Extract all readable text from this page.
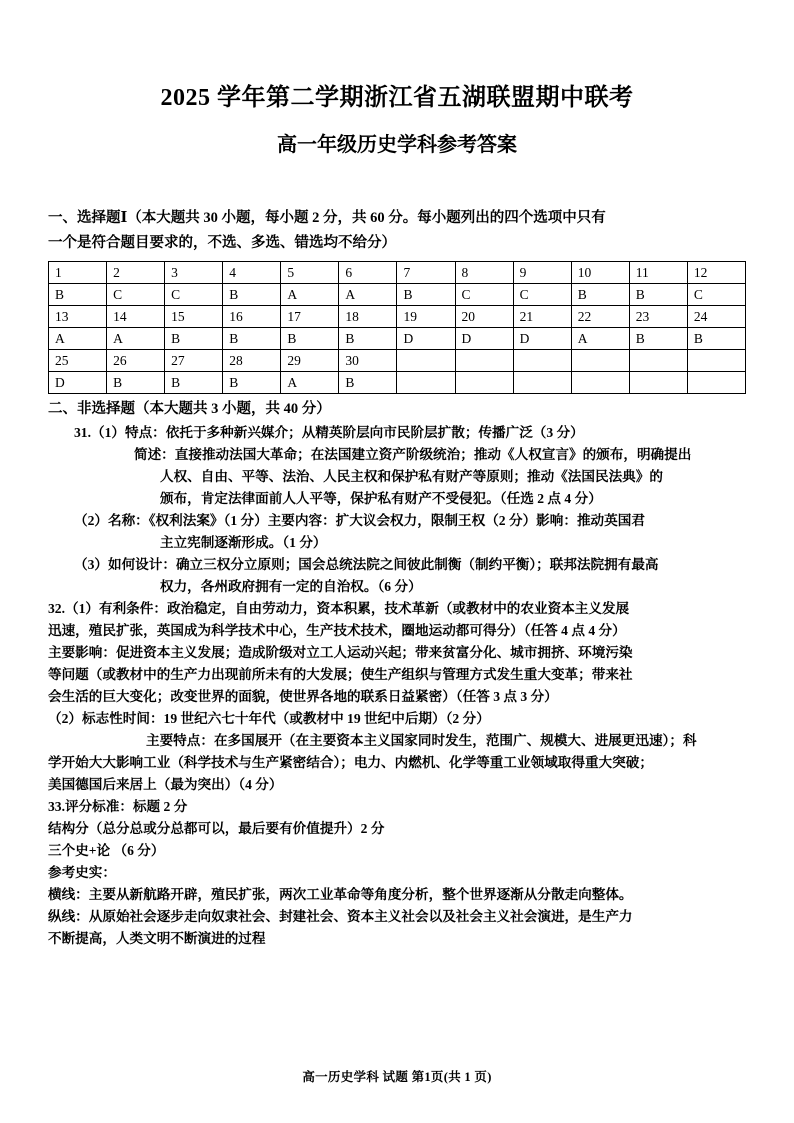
2025 学年第二学期浙江省五湖联盟期中联考
高一年级历史学科参考答案
一、选择题Ⅰ（本大题共 30 小题，每小题 2 分，共 60 分。每小题列出的四个选项中只有
一个是符合题目要求的，不选、多选、错选均不给分）
1	2	3	4	5	6	7	8	9	10	11	12
B	C	C	B	A	A	B	C	C	B	B	C
13	14	15	16	17	18	19	20	21	22	23	24
A	A	B	B	B	B	D	D	D	A	B	B
25	26	27	28	29	30						
D	B	B	B	A	B						
二、非选择题（本大题共 3 小题，共 40 分）
31.（1）特点：依托于多种新兴媒介；从精英阶层向市民阶层扩散；传播广泛（3 分）
简述：直接推动法国大革命；在法国建立资产阶级统治；推动《人权宣言》的颁布，明确提出
人权、自由、平等、法治、人民主权和保护私有财产等原则；推动《法国民法典》的
颁布，肯定法律面前人人平等，保护私有财产不受侵犯。（任选 2 点 4 分）
（2）名称：《权利法案》（1 分）主要内容：扩大议会权力，限制王权（2 分）影响：推动英国君
主立宪制逐渐形成。（1 分）
（3）如何设计：确立三权分立原则；国会总统法院之间彼此制衡（制约平衡）；联邦法院拥有最高
权力，各州政府拥有一定的自治权。（6 分）
32.（1）有利条件：政治稳定，自由劳动力，资本积累，技术革新（或教材中的农业资本主义发展
迅速，殖民扩张，英国成为科学技术中心，生产技术技术，圈地运动都可得分）（任答 4 点 4 分）
主要影响：促进资本主义发展；造成阶级对立工人运动兴起；带来贫富分化、城市拥挤、环境污染
等问题（或教材中的生产力出现前所未有的大发展；使生产组织与管理方式发生重大变革；带来社
会生活的巨大变化；改变世界的面貌，使世界各地的联系日益紧密）（任答 3 点 3 分）
（2）标志性时间：19 世纪六七十年代（或教材中 19 世纪中后期）（2 分）
主要特点：在多国展开（在主要资本主义国家同时发生，范围广、规模大、进展更迅速）；科
学开始大大影响工业（科学技术与生产紧密结合）；电力、内燃机、化学等重工业领域取得重大突破；
美国德国后来居上（最为突出）（4 分）
33.评分标准：标题 2 分
结构分（总分总或分总都可以，最后要有价值提升）2 分
三个史+论 （6 分）
参考史实：
横线：主要从新航路开辟，殖民扩张，两次工业革命等角度分析，整个世界逐渐从分散走向整体。
纵线：从原始社会逐步走向奴隶社会、封建社会、资本主义社会以及社会主义社会演进，是生产力
不断提高，人类文明不断演进的过程
高一历史学科 试题 第1页(共 1 页)
